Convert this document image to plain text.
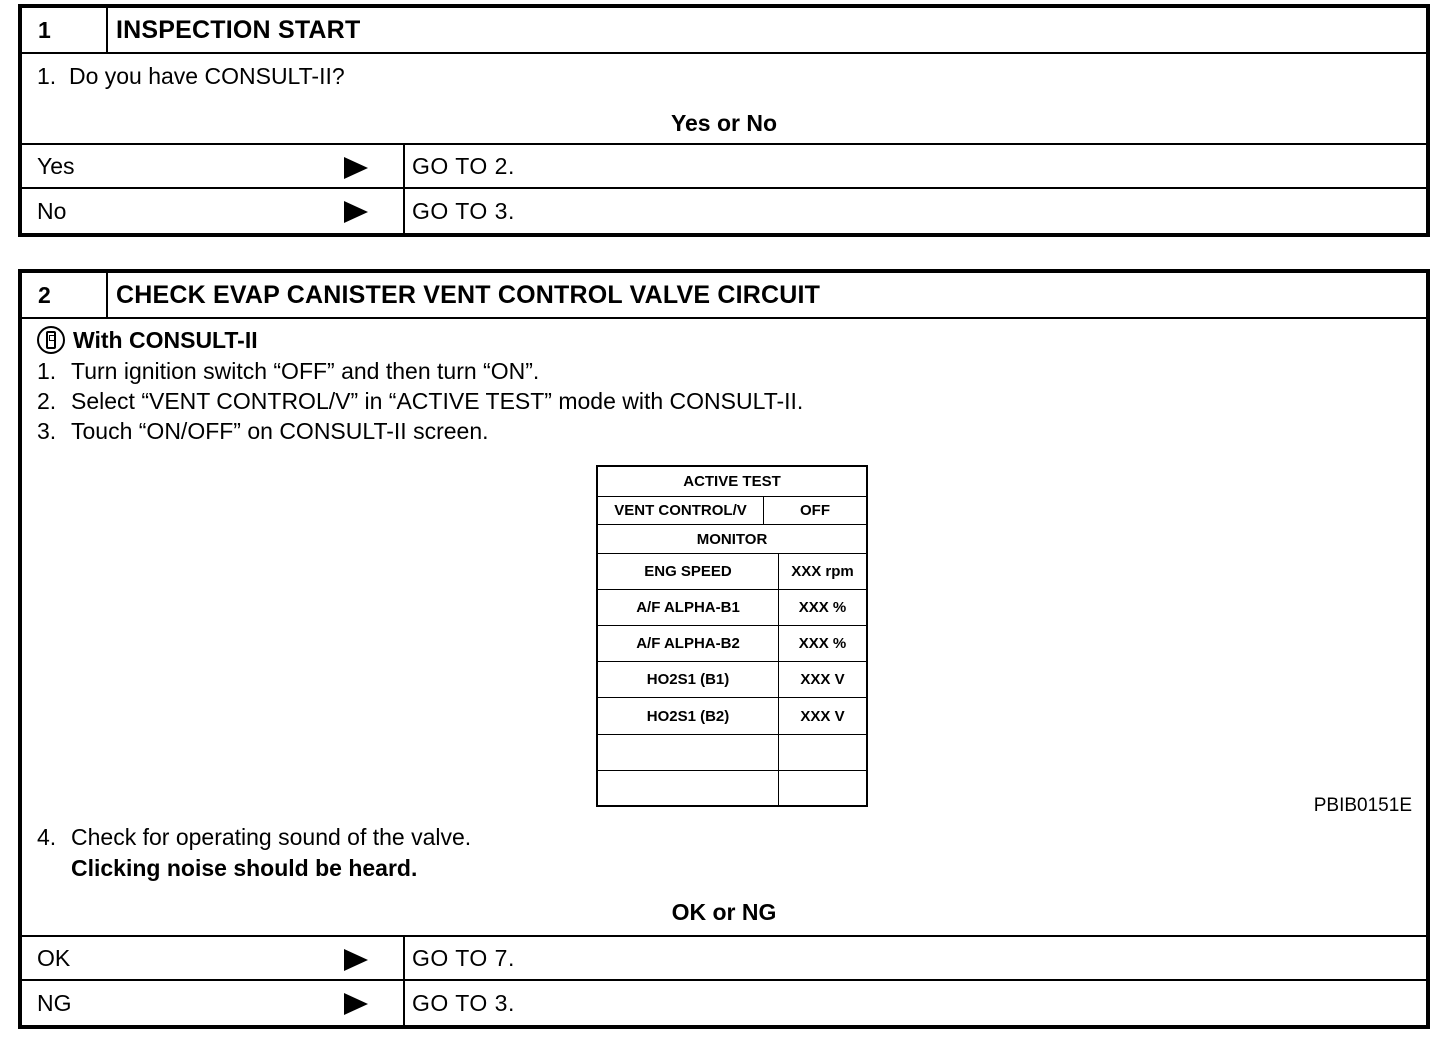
1	INSPECTION START
1.  Do you have CONSULT-II?
Yes or No
Yes	GO TO 2.
No	GO TO 3.
2	CHECK EVAP CANISTER VENT CONTROL VALVE CIRCUIT
With CONSULT-II
1. Turn ignition switch “OFF” and then turn “ON”.
2. Select “VENT CONTROL/V” in “ACTIVE TEST” mode with CONSULT-II.
3. Touch “ON/OFF” on CONSULT-II screen.
ACTIVE TEST
VENT CONTROL/V	OFF
MONITOR
ENG SPEED	XXX rpm
A/F ALPHA-B1	XXX %
A/F ALPHA-B2	XXX %
HO2S1 (B1)	XXX V
HO2S1 (B2)	XXX V
PBIB0151E
4. Check for operating sound of the valve.
Clicking noise should be heard.
OK or NG
OK	GO TO 7.
NG	GO TO 3.
